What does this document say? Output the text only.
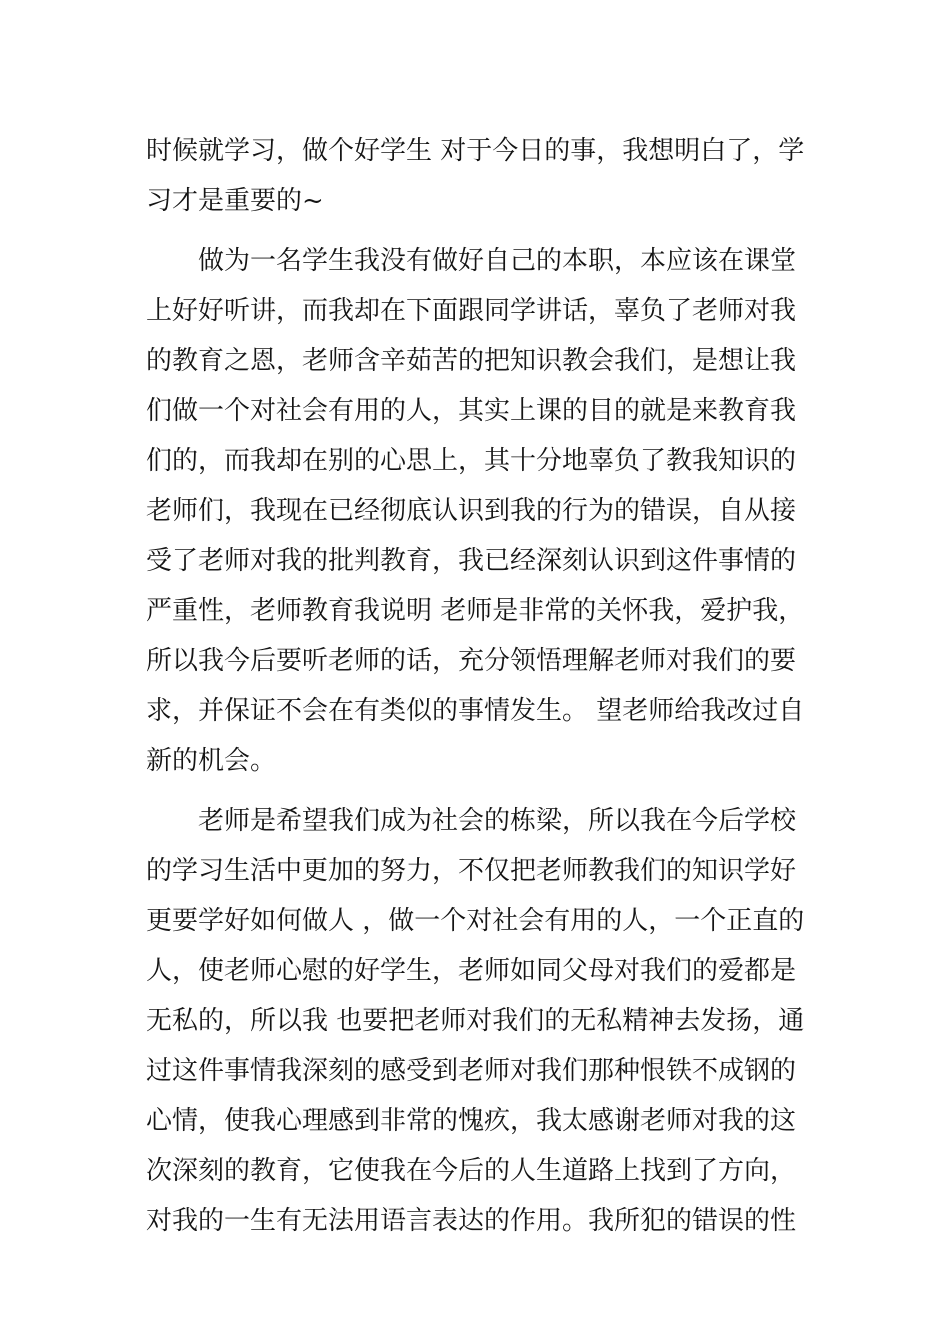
时候就学习，做个好学生 对于今日的事，我想明白了，学
习才是重要的~
做为一名学生我没有做好自己的本职，本应该在课堂
上好好听讲，而我却在下面跟同学讲话，辜负了老师对我
的教育之恩，老师含辛茹苦的把知识教会我们，是想让我
们做一个对社会有用的人，其实上课的目的就是来教育我
们的，而我却在别的心思上，其十分地辜负了教我知识的
老师们，我现在已经彻底认识到我的行为的错误，自从接
受了老师对我的批判教育，我已经深刻认识到这件事情的
严重性，老师教育我说明 老师是非常的关怀我，爱护我，
所以我今后要听老师的话，充分领悟理解老师对我们的要
求，并保证不会在有类似的事情发生。 望老师给我改过自
新的机会。
老师是希望我们成为社会的栋梁，所以我在今后学校
的学习生活中更加的努力，不仅把老师教我们的知识学好
更要学好如何做人 ，做一个对社会有用的人，一个正直的
人，使老师心慰的好学生，老师如同父母对我们的爱都是
无私的，所以我 也要把老师对我们的无私精神去发扬，通
过这件事情我深刻的感受到老师对我们那种恨铁不成钢的
心情，使我心理感到非常的愧疚，我太感谢老师对我的这
次深刻的教育，它使我在今后的人生道路上找到了方向，
对我的一生有无法用语言表达的作用。我所犯的错误的性
